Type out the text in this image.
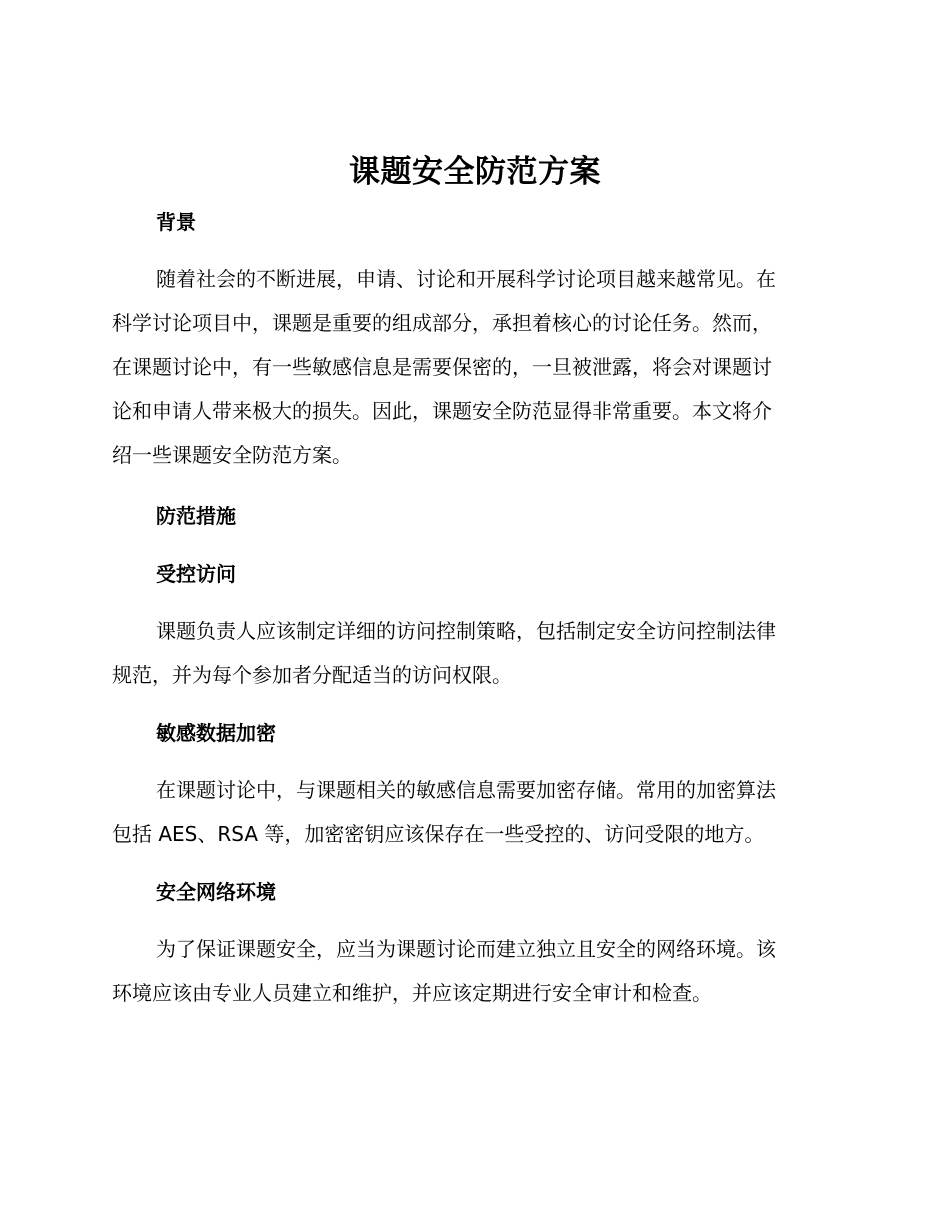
课题安全防范方案
背景
随着社会的不断进展，申请、讨论和开展科学讨论项目越来越常见。在
科学讨论项目中，课题是重要的组成部分，承担着核心的讨论任务。然而，
在课题讨论中，有一些敏感信息是需要保密的，一旦被泄露，将会对课题讨
论和申请人带来极大的损失。因此，课题安全防范显得非常重要。本文将介
绍一些课题安全防范方案。
防范措施
受控访问
课题负责人应该制定详细的访问控制策略，包括制定安全访问控制法律
规范，并为每个参加者分配适当的访问权限。
敏感数据加密
在课题讨论中，与课题相关的敏感信息需要加密存储。常用的加密算法
包括 AES、RSA 等，加密密钥应该保存在一些受控的、访问受限的地方。
安全网络环境
为了保证课题安全，应当为课题讨论而建立独立且安全的网络环境。该
环境应该由专业人员建立和维护，并应该定期进行安全审计和检查。
